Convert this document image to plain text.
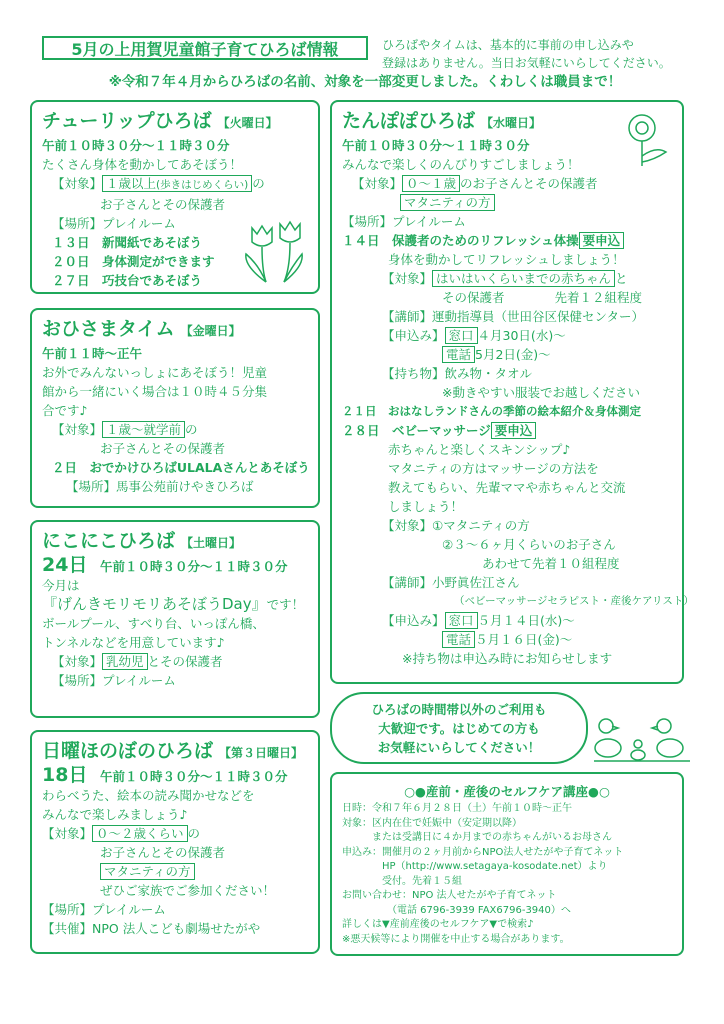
5月の上用賀児童館子育てひろば情報	ひろばやタイムは、基本的に事前の申し込みや
登録はありません。当日お気軽にいらしてください。
※令和７年４月からひろばの名前、対象を一部変更しました。くわしくは職員まで！
チューリップひろば 【火曜日】
午前１０時３０分〜１１時３０分
たくさん身体を動かしてあそぼう！
【対象】 １歳以上(歩きはじめくらい) の
お子さんとその保護者
【場所】プレイルーム
１３日　新聞紙であそぼう
２０日　身体測定ができます
２７日　巧技台であそぼう
おひさまタイム 【金曜日】
午前１１時〜正午
お外でみんないっしょにあそぼう！児童
館から一緒にいく場合は１０時４５分集
合です♪
【対象】 １歳〜就学前 の
お子さんとその保護者
２日　おでかけひろばULALAさんとあそぼう
【場所】馬事公苑前けやきひろば
にこにこひろば 【土曜日】
24日　 午前１０時３０分〜１１時３０分
今月は
『げんきモリモリあそぼうDay』です！
ボールプール、すべり台、いっぽん橋、
トンネルなどを用意しています♪
【対象】 乳幼児 とその保護者
【場所】プレイルーム
日曜ほのぼのひろば 【第３日曜日】
18日　 午前１０時３０分〜１１時３０分
わらべうた、絵本の読み聞かせなどを
みんなで楽しみましょう♪
【対象】 ０〜２歳くらい の
お子さんとその保護者
マタニティの方
ぜひご家族でご参加ください！
【場所】プレイルーム
【共催】NPO 法人こども劇場せたがや
たんぽぽひろば 【水曜日】
午前１０時３０分〜１１時３０分
みんなで楽しくのんびりすごしましょう！
【対象】 ０〜１歳 のお子さんとその保護者
マタニティの方
【場所】プレイルーム
１４日　保護者のためのリフレッシュ体操 要申込
身体を動かしてリフレッシュしましょう！
【対象】 はいはいくらいまでの赤ちゃん と
その保護者　　　　先着１２組程度
【講師】運動指導員（世田谷区保健センター）
【申込み】 窓口 ４月30日(水)〜
電話 5月2日(金)〜
【持ち物】飲み物・タオル
※動きやすい服装でお越しください
２１日　おはなしランドさんの季節の絵本紹介＆身体測定
２８日　ベビーマッサージ 要申込
赤ちゃんと楽しくスキンシップ♪
マタニティの方はマッサージの方法を
教えてもらい、先輩ママや赤ちゃんと交流
しましょう！
【対象】①マタニティの方
②３〜６ヶ月くらいのお子さん
あわせて先着１０組程度
【講師】小野眞佐江さん
（ベビーマッサージセラピスト・産後ケアリスト）
【申込み】 窓口 ５月１４日(水)〜
電話 ５月１６日(金)〜
※持ち物は申込み時にお知らせします
ひろばの時間帯以外のご利用も
大歓迎です。はじめての方も
お気軽にいらしてください！
○●産前・産後のセルフケア講座●○
日時：令和７年６月２８日（土）午前１０時〜正午
対象：区内在住で妊娠中（安定期以降）
　　　または受講日に４か月までの赤ちゃんがいるお母さん
申込み：開催月の２ヶ月前からNPO法人せたがや子育てネット
　　　　HP（http://www.setagaya-kosodate.net）より
　　　　受付。先着１５組
お問い合わせ：NPO 法人せたがや子育てネット
　　　　　（電話 6796-3939 FAX6796-3940）へ
詳しくは▼産前産後のセルフケア▼で検索♪
※悪天候等により開催を中止する場合があります。
